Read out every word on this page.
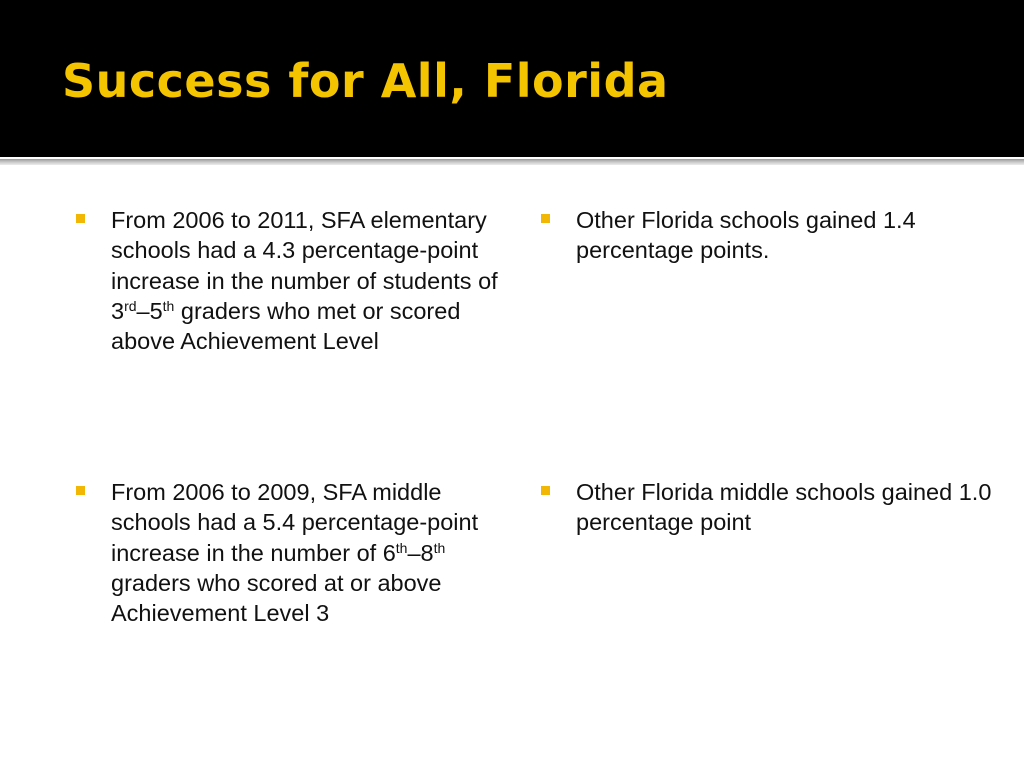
Success for All, Florida
From 2006 to 2011, SFA elementary schools had a 4.3 percentage-point increase in the number of students of 3rd–5th graders who met or scored above Achievement Level
Other Florida schools gained 1.4 percentage points.
From 2006 to 2009, SFA middle schools had a 5.4 percentage-point increase in the number of 6th–8th graders who scored at or above Achievement Level 3
Other Florida middle schools gained 1.0 percentage point
